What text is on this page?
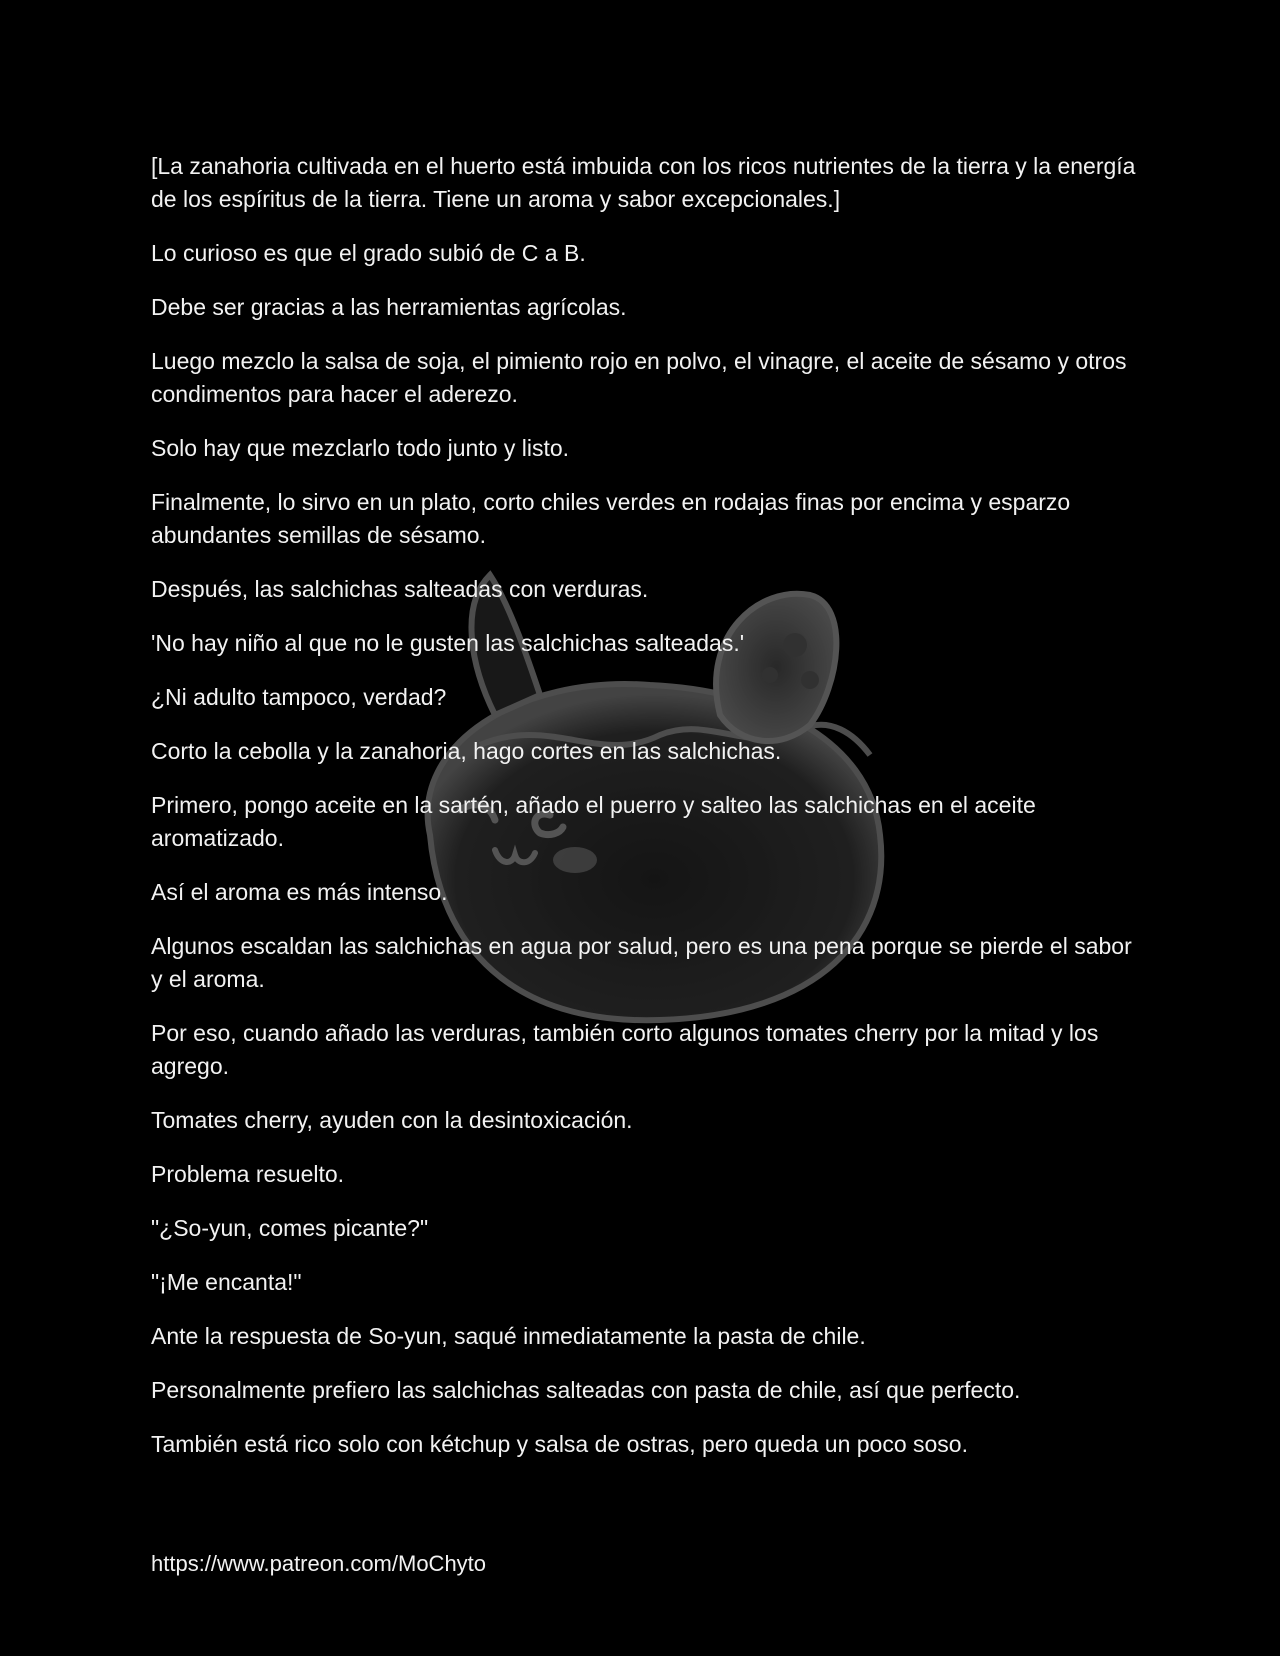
[La zanahoria cultivada en el huerto está imbuida con los ricos nutrientes de la tierra y la energía de los espíritus de la tierra. Tiene un aroma y sabor excepcionales.]

Lo curioso es que el grado subió de C a B.

Debe ser gracias a las herramientas agrícolas.

Luego mezclo la salsa de soja, el pimiento rojo en polvo, el vinagre, el aceite de sésamo y otros condimentos para hacer el aderezo.

Solo hay que mezclarlo todo junto y listo.

Finalmente, lo sirvo en un plato, corto chiles verdes en rodajas finas por encima y esparzo abundantes semillas de sésamo.

Después, las salchichas salteadas con verduras.

'No hay niño al que no le gusten las salchichas salteadas.'

¿Ni adulto tampoco, verdad?

Corto la cebolla y la zanahoria, hago cortes en las salchichas.

Primero, pongo aceite en la sartén, añado el puerro y salteo las salchichas en el aceite aromatizado.

Así el aroma es más intenso.

Algunos escaldan las salchichas en agua por salud, pero es una pena porque se pierde el sabor y el aroma.

Por eso, cuando añado las verduras, también corto algunos tomates cherry por la mitad y los agrego.

Tomates cherry, ayuden con la desintoxicación.

Problema resuelto.

"¿So-yun, comes picante?"

"¡Me encanta!"

Ante la respuesta de So-yun, saqué inmediatamente la pasta de chile.

Personalmente prefiero las salchichas salteadas con pasta de chile, así que perfecto.

También está rico solo con kétchup y salsa de ostras, pero queda un poco soso.

https://www.patreon.com/MoChyto
